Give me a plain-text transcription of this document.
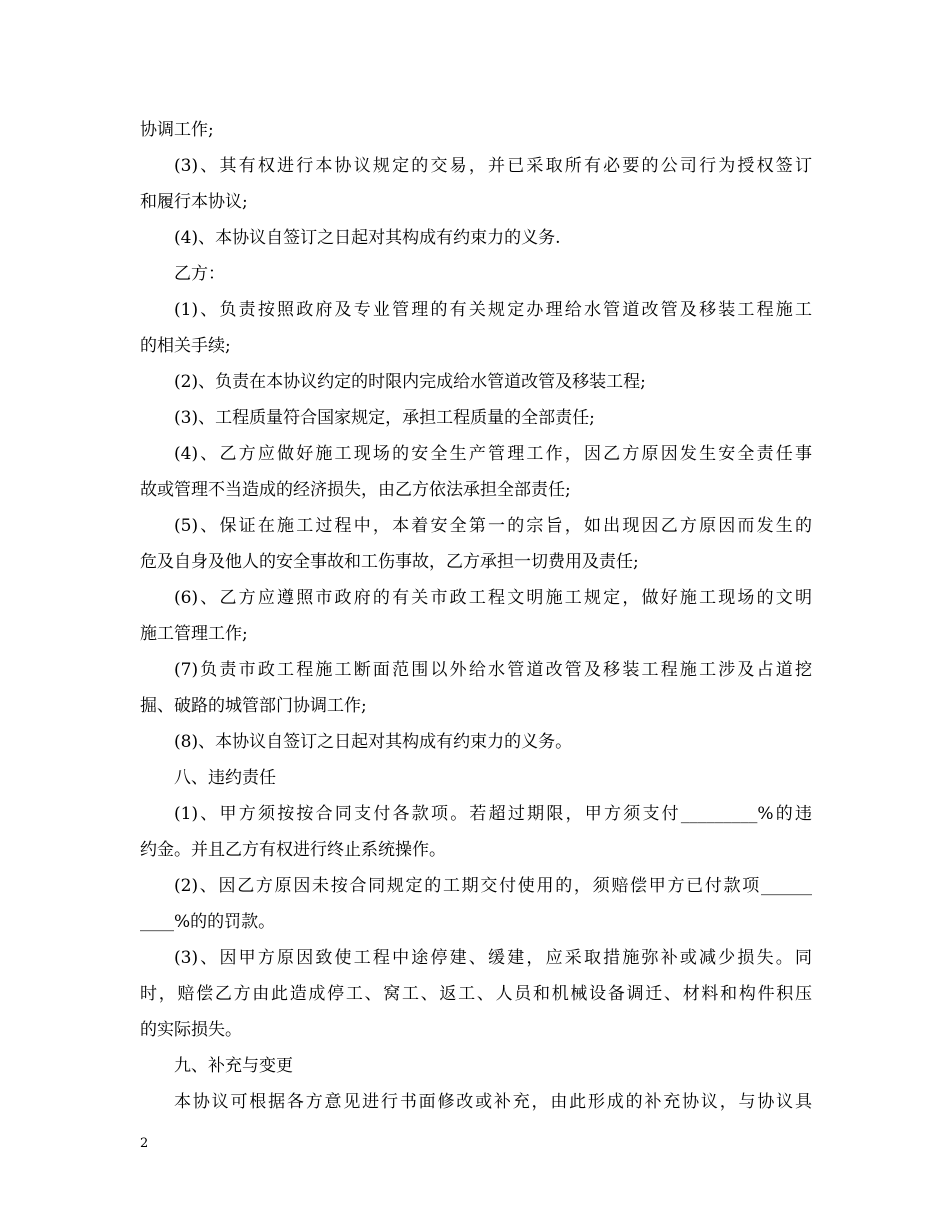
协调工作;
(3)、其有权进行本协议规定的交易，并已采取所有必要的公司行为授权签订
和履行本协议;
(4)、本协议自签订之日起对其构成有约束力的义务.
乙方：
(1)、负责按照政府及专业管理的有关规定办理给水管道改管及移装工程施工
的相关手续;
(2)、负责在本协议约定的时限内完成给水管道改管及移装工程;
(3)、工程质量符合国家规定，承担工程质量的全部责任;
(4)、乙方应做好施工现场的安全生产管理工作，因乙方原因发生安全责任事
故或管理不当造成的经济损失，由乙方依法承担全部责任;
(5)、保证在施工过程中，本着安全第一的宗旨，如出现因乙方原因而发生的
危及自身及他人的安全事故和工伤事故，乙方承担一切费用及责任;
(6)、乙方应遵照市政府的有关市政工程文明施工规定，做好施工现场的文明
施工管理工作;
(7)负责市政工程施工断面范围以外给水管道改管及移装工程施工涉及占道挖
掘、破路的城管部门协调工作;
(8)、本协议自签订之日起对其构成有约束力的义务。
八、违约责任
(1)、甲方须按按合同支付各款项。若超过期限，甲方须支付_________%的违
约金。并且乙方有权进行终止系统操作。
(2)、因乙方原因未按合同规定的工期交付使用的，须赔偿甲方已付款项______
____%的的罚款。
(3)、因甲方原因致使工程中途停建、缓建，应采取措施弥补或减少损失。同
时，赔偿乙方由此造成停工、窝工、返工、人员和机械设备调迁、材料和构件积压
的实际损失。
九、补充与变更
本协议可根据各方意见进行书面修改或补充，由此形成的补充协议，与协议具
2
